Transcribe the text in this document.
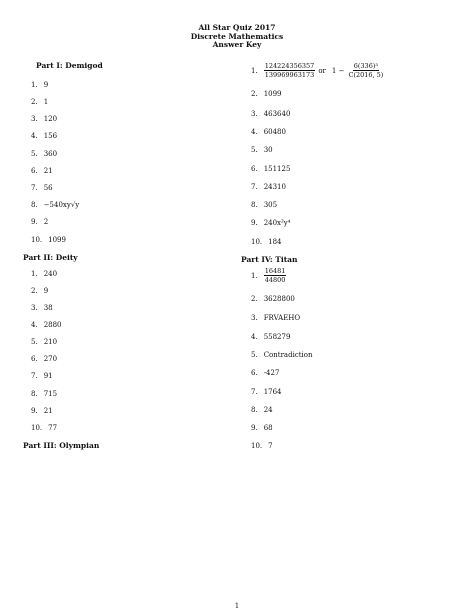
All Star Quiz 2017
Discrete Mathematics
Answer Key
Part I: Demigod
1. 9
2. 1
3. 120
4. 156
5. 360
6. 21
7. 56
8. −540xy√y
9. 2
10. 1099
Part II: Deity
1. 240
2. 9
3. 38
4. 2880
5. 210
6. 270
7. 91
8. 715
9. 21
10. 77
Part III: Olympian
1. $\frac{124224356357}{139969963173}$ or $1 - \frac{\text{6(336)³}}{C(2016, 5)}$
2. 1099
3. 463640
4. 60480
5. 30
6. 151125
7. 24310
8. 305
9. 240x²y⁴
10. 184
Part IV: Titan
1. $\frac{16481}{44800}$
2. 3628800
3. FRVAEHO
4. 558279
5. Contradiction
6. -427
7. 1764
8. 24
9. 68
10. 7
1
